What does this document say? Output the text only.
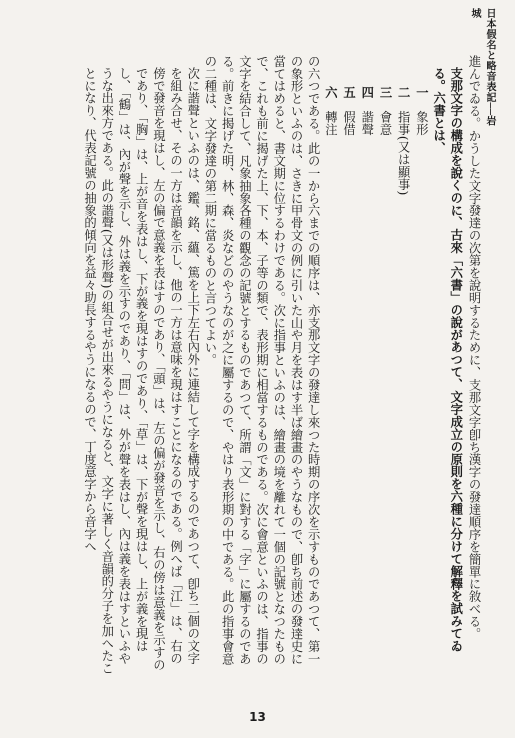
日本假名と略音表記──岩城

進んでゐる。かうした文字發達の次第を說明するために、支那文字卽ち漢字の發達順序を簡單に敘べる。

支那文字の構成を說くのに、古來「六書」の說があつて、文字成立の原則を六種に分けて解釋を試みてゐる。六書とは、

一　象形
二　指事(又は顯事)
三　會意
四　諧聲
五　假借
六　轉注

の六つである。此の一から六までの順序は、亦支那文字の發達し來つた時期の序次を示すものであつて、第一の象形といふのは、さきに甲骨文の例に引いた山や月を表はす半ば繪畫のやうなもので、卽ち前述の發達史に當てはめると、書文期に位するわけである。次に指事といふのは、繪畫の境を離れて一個の記號となつたもので、これも前に揭げた上、下、本、子等の類で、表形期に相當するものである。次に會意といふのは、指事の文字を結合して、凡象抽象各種の觀念の記號とするものであつて、所謂「文」に對する「字」に屬するのである。前きに揭げた明、林、森、炎などのやうなのが之に屬するので、やはり表形期の中である。此の指事會意の二種は、文字發達の第二期に當るものと言つてよい。

次に諧聲といふのは、鑑、銘、蘊、篤を上下左右內外に連結して字を構成するのであつて、卽ち二個の文字を組み合せ、その一方は音韻を示し、他の一方は意味を現はすことになるのである。例へば「江」は、右の傍で發音を現はし、左の偏で意義を表はすのであり、「頭」は、左の偏が發音を示し、右の傍は意義を示すのであり、「胸」は、上が音を表はし、下が義を現はすのであり、「草」は、下が聲を現はし、上が義を現はし、「鶴」は、內が聲を示し、外は義を示すのであり、「問」は、外が聲を表はし、內は義を表はすといふやうな出來方である。此の諧聲(又は形聲)の組合せが出來るやうになると、文字に著しく音韻的分子を加へたことになり、代表記號の抽象的傾向を益々助長するやうになるので、丁度意字から音字へ

13
